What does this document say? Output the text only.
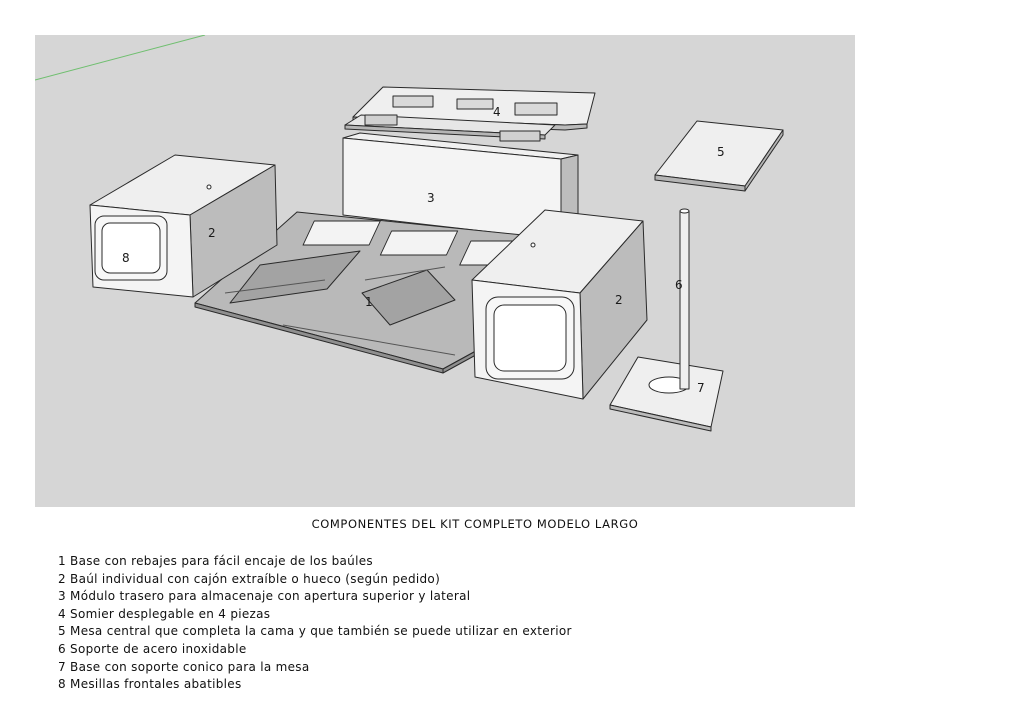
4
3
2
8
1	2
5
6
7
COMPONENTES DEL KIT COMPLETO MODELO LARGO
1 Base con rebajes para fácil encaje de los baúles
2 Baúl individual con cajón extraíble o hueco (según pedido)
3 Módulo trasero para almacenaje con apertura superior y lateral
4 Somier desplegable en 4 piezas
5 Mesa central que completa la cama y que también se puede utilizar en exterior
6 Soporte de acero inoxidable
7 Base con soporte conico para la mesa
8 Mesillas frontales abatibles
